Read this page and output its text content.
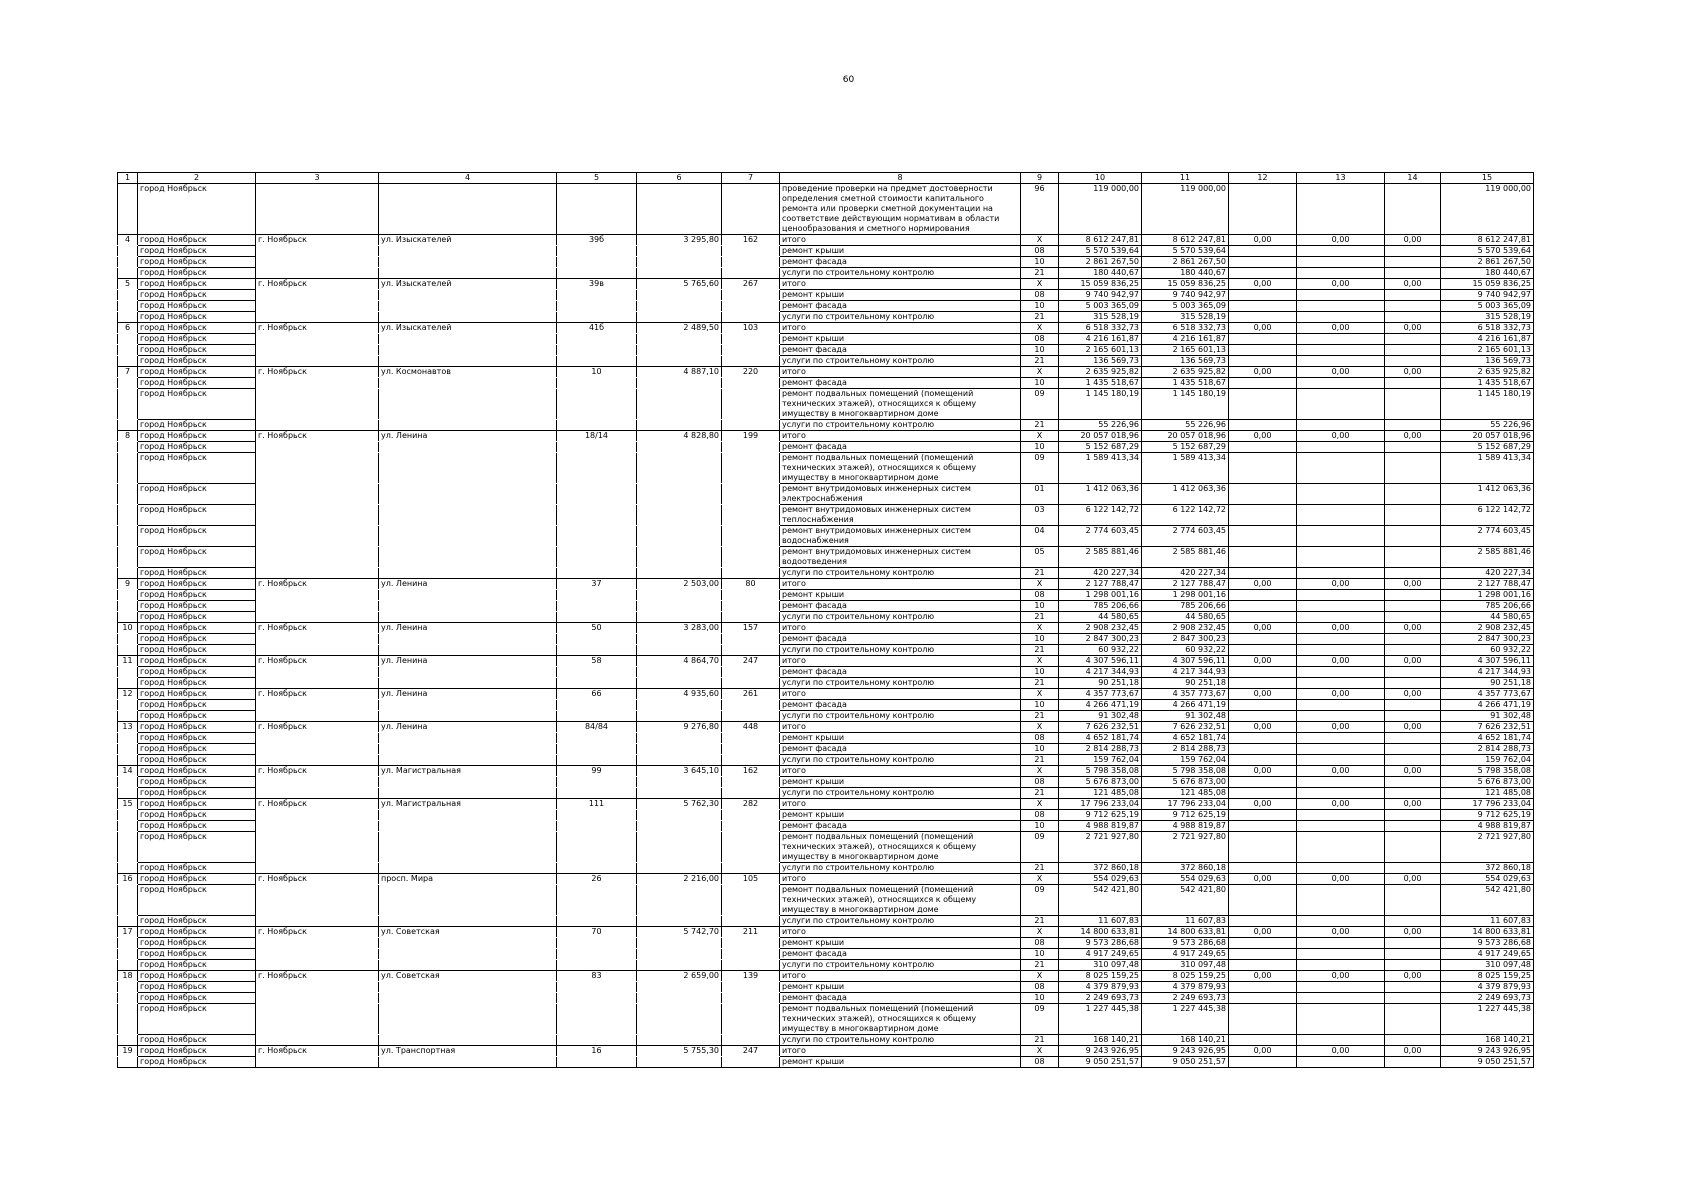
60
1	2	3	4	5	6	7	8	9	10	11	12	13	14	15
	город Ноябрьск						проведение проверки на предмет достоверности определения сметной стоимости капитального ремонта или проверки сметной документации на соответствие действующим нормативам в области ценообразования и сметного нормирования	96	119 000,00	119 000,00				119 000,00
4	город Ноябрьск	г. Ноябрьск	ул. Изыскателей	39б	3 295,80	162	итого	X	8 612 247,81	8 612 247,81	0,00	0,00	0,00	8 612 247,81
	город Ноябрьск						ремонт крыши	08	5 570 539,64	5 570 539,64				5 570 539,64
	город Ноябрьск						ремонт фасада	10	2 861 267,50	2 861 267,50				2 861 267,50
	город Ноябрьск						услуги по строительному контролю	21	180 440,67	180 440,67				180 440,67
5	город Ноябрьск	г. Ноябрьск	ул. Изыскателей	39в	5 765,60	267	итого	X	15 059 836,25	15 059 836,25	0,00	0,00	0,00	15 059 836,25
	город Ноябрьск						ремонт крыши	08	9 740 942,97	9 740 942,97				9 740 942,97
	город Ноябрьск						ремонт фасада	10	5 003 365,09	5 003 365,09				5 003 365,09
	город Ноябрьск						услуги по строительному контролю	21	315 528,19	315 528,19				315 528,19
6	город Ноябрьск	г. Ноябрьск	ул. Изыскателей	41б	2 489,50	103	итого	X	6 518 332,73	6 518 332,73	0,00	0,00	0,00	6 518 332,73
	город Ноябрьск						ремонт крыши	08	4 216 161,87	4 216 161,87				4 216 161,87
	город Ноябрьск						ремонт фасада	10	2 165 601,13	2 165 601,13				2 165 601,13
	город Ноябрьск						услуги по строительному контролю	21	136 569,73	136 569,73				136 569,73
7	город Ноябрьск	г. Ноябрьск	ул. Космонавтов	10	4 887,10	220	итого	X	2 635 925,82	2 635 925,82	0,00	0,00	0,00	2 635 925,82
	город Ноябрьск						ремонт фасада	10	1 435 518,67	1 435 518,67				1 435 518,67
	город Ноябрьск						ремонт подвальных помещений (помещений технических этажей), относящихся к общему имуществу в многоквартирном доме	09	1 145 180,19	1 145 180,19				1 145 180,19
	город Ноябрьск						услуги по строительному контролю	21	55 226,96	55 226,96				55 226,96
8	город Ноябрьск	г. Ноябрьск	ул. Ленина	18/14	4 828,80	199	итого	X	20 057 018,96	20 057 018,96	0,00	0,00	0,00	20 057 018,96
	город Ноябрьск						ремонт фасада	10	5 152 687,29	5 152 687,29				5 152 687,29
	город Ноябрьск						ремонт подвальных помещений (помещений технических этажей), относящихся к общему имуществу в многоквартирном доме	09	1 589 413,34	1 589 413,34				1 589 413,34
	город Ноябрьск						ремонт внутридомовых инженерных систем электроснабжения	01	1 412 063,36	1 412 063,36				1 412 063,36
	город Ноябрьск						ремонт внутридомовых инженерных систем теплоснабжения	03	6 122 142,72	6 122 142,72				6 122 142,72
	город Ноябрьск						ремонт внутридомовых инженерных систем водоснабжения	04	2 774 603,45	2 774 603,45				2 774 603,45
	город Ноябрьск						ремонт внутридомовых инженерных систем водоотведения	05	2 585 881,46	2 585 881,46				2 585 881,46
	город Ноябрьск						услуги по строительному контролю	21	420 227,34	420 227,34				420 227,34
9	город Ноябрьск	г. Ноябрьск	ул. Ленина	37	2 503,00	80	итого	X	2 127 788,47	2 127 788,47	0,00	0,00	0,00	2 127 788,47
	город Ноябрьск						ремонт крыши	08	1 298 001,16	1 298 001,16				1 298 001,16
	город Ноябрьск						ремонт фасада	10	785 206,66	785 206,66				785 206,66
	город Ноябрьск						услуги по строительному контролю	21	44 580,65	44 580,65				44 580,65
10	город Ноябрьск	г. Ноябрьск	ул. Ленина	50	3 283,00	157	итого	X	2 908 232,45	2 908 232,45	0,00	0,00	0,00	2 908 232,45
	город Ноябрьск						ремонт фасада	10	2 847 300,23	2 847 300,23				2 847 300,23
	город Ноябрьск						услуги по строительному контролю	21	60 932,22	60 932,22				60 932,22
11	город Ноябрьск	г. Ноябрьск	ул. Ленина	58	4 864,70	247	итого	X	4 307 596,11	4 307 596,11	0,00	0,00	0,00	4 307 596,11
	город Ноябрьск						ремонт фасада	10	4 217 344,93	4 217 344,93				4 217 344,93
	город Ноябрьск						услуги по строительному контролю	21	90 251,18	90 251,18				90 251,18
12	город Ноябрьск	г. Ноябрьск	ул. Ленина	66	4 935,60	261	итого	X	4 357 773,67	4 357 773,67	0,00	0,00	0,00	4 357 773,67
	город Ноябрьск						ремонт фасада	10	4 266 471,19	4 266 471,19				4 266 471,19
	город Ноябрьск						услуги по строительному контролю	21	91 302,48	91 302,48				91 302,48
13	город Ноябрьск	г. Ноябрьск	ул. Ленина	84/84	9 276,80	448	итого	X	7 626 232,51	7 626 232,51	0,00	0,00	0,00	7 626 232,51
	город Ноябрьск						ремонт крыши	08	4 652 181,74	4 652 181,74				4 652 181,74
	город Ноябрьск						ремонт фасада	10	2 814 288,73	2 814 288,73				2 814 288,73
	город Ноябрьск						услуги по строительному контролю	21	159 762,04	159 762,04				159 762,04
14	город Ноябрьск	г. Ноябрьск	ул. Магистральная	99	3 645,10	162	итого	X	5 798 358,08	5 798 358,08	0,00	0,00	0,00	5 798 358,08
	город Ноябрьск						ремонт крыши	08	5 676 873,00	5 676 873,00				5 676 873,00
	город Ноябрьск						услуги по строительному контролю	21	121 485,08	121 485,08				121 485,08
15	город Ноябрьск	г. Ноябрьск	ул. Магистральная	111	5 762,30	282	итого	X	17 796 233,04	17 796 233,04	0,00	0,00	0,00	17 796 233,04
	город Ноябрьск						ремонт крыши	08	9 712 625,19	9 712 625,19				9 712 625,19
	город Ноябрьск						ремонт фасада	10	4 988 819,87	4 988 819,87				4 988 819,87
	город Ноябрьск						ремонт подвальных помещений (помещений технических этажей), относящихся к общему имуществу в многоквартирном доме	09	2 721 927,80	2 721 927,80				2 721 927,80
	город Ноябрьск						услуги по строительному контролю	21	372 860,18	372 860,18				372 860,18
16	город Ноябрьск	г. Ноябрьск	просп. Мира	26	2 216,00	105	итого	X	554 029,63	554 029,63	0,00	0,00	0,00	554 029,63
	город Ноябрьск						ремонт подвальных помещений (помещений технических этажей), относящихся к общему имуществу в многоквартирном доме	09	542 421,80	542 421,80				542 421,80
	город Ноябрьск						услуги по строительному контролю	21	11 607,83	11 607,83				11 607,83
17	город Ноябрьск	г. Ноябрьск	ул. Советская	70	5 742,70	211	итого	X	14 800 633,81	14 800 633,81	0,00	0,00	0,00	14 800 633,81
	город Ноябрьск						ремонт крыши	08	9 573 286,68	9 573 286,68				9 573 286,68
	город Ноябрьск						ремонт фасада	10	4 917 249,65	4 917 249,65				4 917 249,65
	город Ноябрьск						услуги по строительному контролю	21	310 097,48	310 097,48				310 097,48
18	город Ноябрьск	г. Ноябрьск	ул. Советская	83	2 659,00	139	итого	X	8 025 159,25	8 025 159,25	0,00	0,00	0,00	8 025 159,25
	город Ноябрьск						ремонт крыши	08	4 379 879,93	4 379 879,93				4 379 879,93
	город Ноябрьск						ремонт фасада	10	2 249 693,73	2 249 693,73				2 249 693,73
	город Ноябрьск						ремонт подвальных помещений (помещений технических этажей), относящихся к общему имуществу в многоквартирном доме	09	1 227 445,38	1 227 445,38				1 227 445,38
	город Ноябрьск						услуги по строительному контролю	21	168 140,21	168 140,21				168 140,21
19	город Ноябрьск	г. Ноябрьск	ул. Транспортная	16	5 755,30	247	итого	X	9 243 926,95	9 243 926,95	0,00	0,00	0,00	9 243 926,95
	город Ноябрьск						ремонт крыши	08	9 050 251,57	9 050 251,57				9 050 251,57
